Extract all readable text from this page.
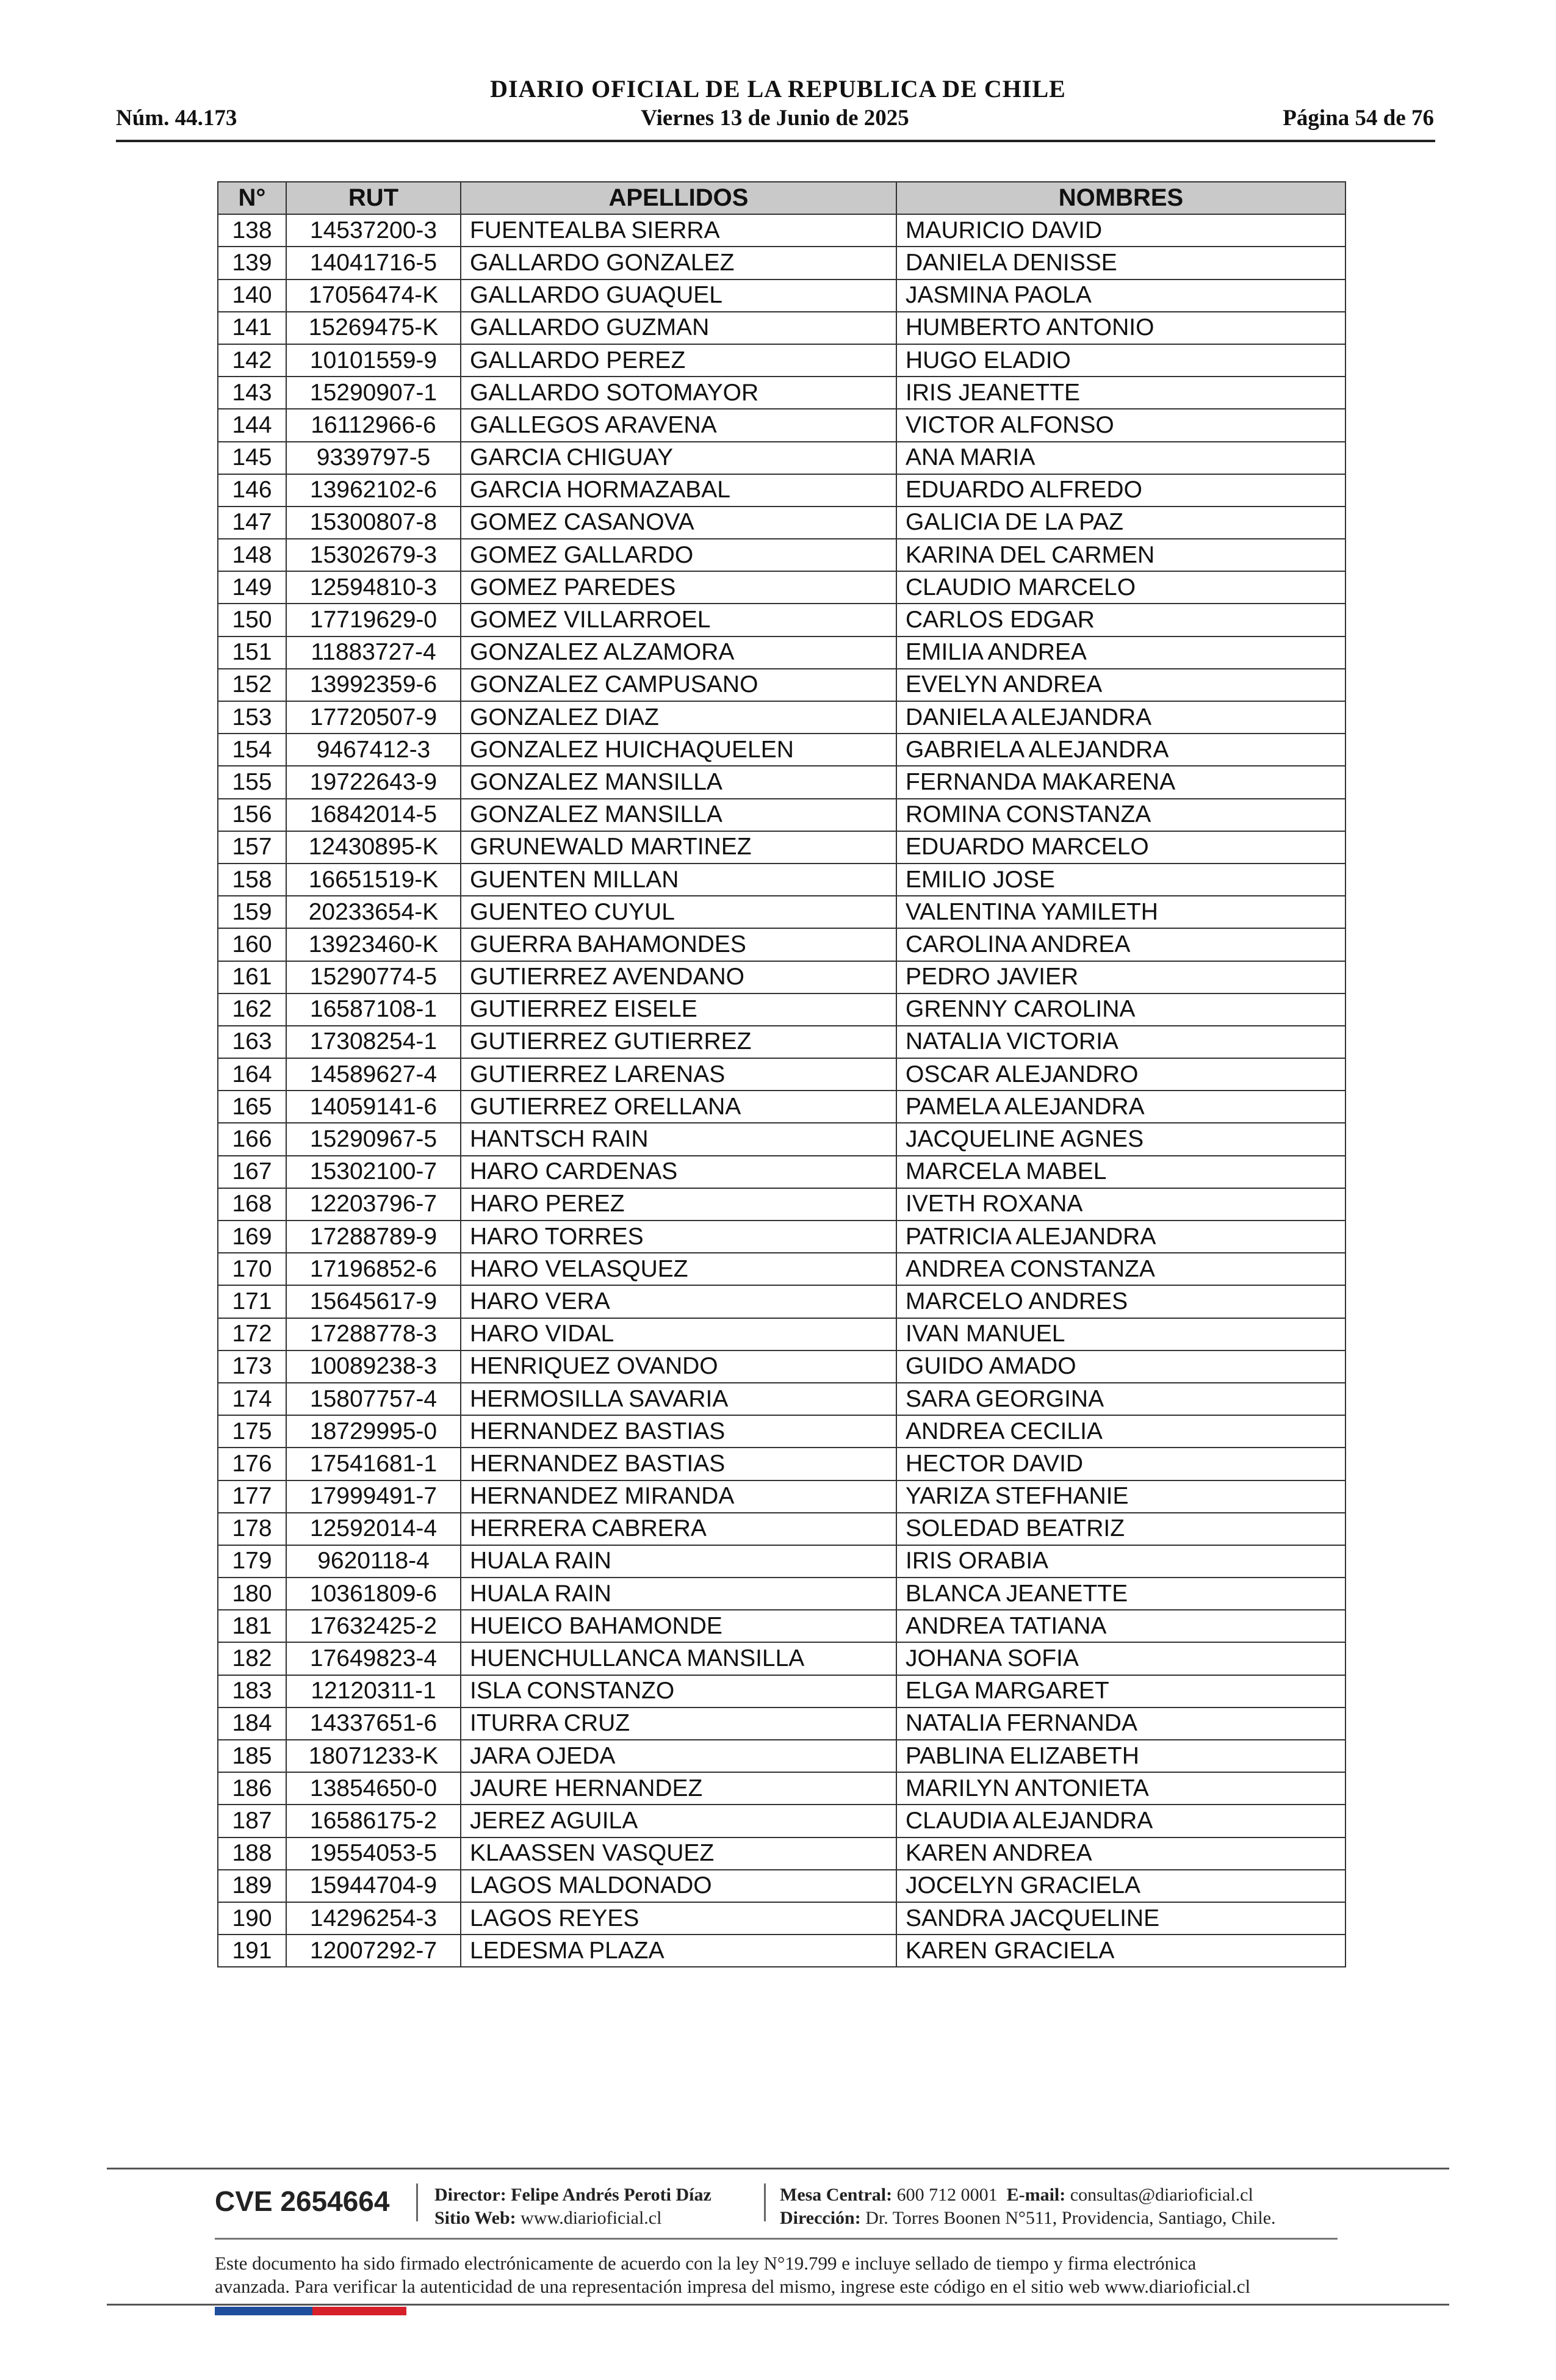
DIARIO OFICIAL DE LA REPUBLICA DE CHILE
Núm. 44.173	Viernes 13 de Junio de 2025	Página 54 de 76
N°	RUT	APELLIDOS	NOMBRES
138	14537200-3	FUENTEALBA SIERRA	MAURICIO DAVID
139	14041716-5	GALLARDO GONZALEZ	DANIELA DENISSE
140	17056474-K	GALLARDO GUAQUEL	JASMINA PAOLA
141	15269475-K	GALLARDO GUZMAN	HUMBERTO ANTONIO
142	10101559-9	GALLARDO PEREZ	HUGO ELADIO
143	15290907-1	GALLARDO SOTOMAYOR	IRIS JEANETTE
144	16112966-6	GALLEGOS ARAVENA	VICTOR ALFONSO
145	9339797-5	GARCIA CHIGUAY	ANA MARIA
146	13962102-6	GARCIA HORMAZABAL	EDUARDO ALFREDO
147	15300807-8	GOMEZ CASANOVA	GALICIA DE LA PAZ
148	15302679-3	GOMEZ GALLARDO	KARINA DEL CARMEN
149	12594810-3	GOMEZ PAREDES	CLAUDIO MARCELO
150	17719629-0	GOMEZ VILLARROEL	CARLOS EDGAR
151	11883727-4	GONZALEZ ALZAMORA	EMILIA ANDREA
152	13992359-6	GONZALEZ CAMPUSANO	EVELYN ANDREA
153	17720507-9	GONZALEZ DIAZ	DANIELA ALEJANDRA
154	9467412-3	GONZALEZ HUICHAQUELEN	GABRIELA ALEJANDRA
155	19722643-9	GONZALEZ MANSILLA	FERNANDA MAKARENA
156	16842014-5	GONZALEZ MANSILLA	ROMINA CONSTANZA
157	12430895-K	GRUNEWALD MARTINEZ	EDUARDO MARCELO
158	16651519-K	GUENTEN MILLAN	EMILIO JOSE
159	20233654-K	GUENTEO CUYUL	VALENTINA YAMILETH
160	13923460-K	GUERRA BAHAMONDES	CAROLINA ANDREA
161	15290774-5	GUTIERREZ AVENDANO	PEDRO JAVIER
162	16587108-1	GUTIERREZ EISELE	GRENNY CAROLINA
163	17308254-1	GUTIERREZ GUTIERREZ	NATALIA VICTORIA
164	14589627-4	GUTIERREZ LARENAS	OSCAR ALEJANDRO
165	14059141-6	GUTIERREZ ORELLANA	PAMELA ALEJANDRA
166	15290967-5	HANTSCH RAIN	JACQUELINE AGNES
167	15302100-7	HARO CARDENAS	MARCELA MABEL
168	12203796-7	HARO PEREZ	IVETH ROXANA
169	17288789-9	HARO TORRES	PATRICIA ALEJANDRA
170	17196852-6	HARO VELASQUEZ	ANDREA CONSTANZA
171	15645617-9	HARO VERA	MARCELO ANDRES
172	17288778-3	HARO VIDAL	IVAN MANUEL
173	10089238-3	HENRIQUEZ OVANDO	GUIDO AMADO
174	15807757-4	HERMOSILLA SAVARIA	SARA GEORGINA
175	18729995-0	HERNANDEZ BASTIAS	ANDREA CECILIA
176	17541681-1	HERNANDEZ BASTIAS	HECTOR DAVID
177	17999491-7	HERNANDEZ MIRANDA	YARIZA STEFHANIE
178	12592014-4	HERRERA CABRERA	SOLEDAD BEATRIZ
179	9620118-4	HUALA RAIN	IRIS ORABIA
180	10361809-6	HUALA RAIN	BLANCA JEANETTE
181	17632425-2	HUEICO BAHAMONDE	ANDREA TATIANA
182	17649823-4	HUENCHULLANCA MANSILLA	JOHANA SOFIA
183	12120311-1	ISLA CONSTANZO	ELGA MARGARET
184	14337651-6	ITURRA CRUZ	NATALIA FERNANDA
185	18071233-K	JARA OJEDA	PABLINA ELIZABETH
186	13854650-0	JAURE HERNANDEZ	MARILYN ANTONIETA
187	16586175-2	JEREZ AGUILA	CLAUDIA ALEJANDRA
188	19554053-5	KLAASSEN VASQUEZ	KAREN ANDREA
189	15944704-9	LAGOS MALDONADO	JOCELYN GRACIELA
190	14296254-3	LAGOS REYES	SANDRA JACQUELINE
191	12007292-7	LEDESMA PLAZA	KAREN GRACIELA
CVE 2654664 Director: Felipe Andrés Peroti Díaz
Sitio Web: www.diarioficial.cl
Mesa Central: 600 712 0001 E-mail: consultas@diarioficial.cl
Dirección: Dr. Torres Boonen N°511, Providencia, Santiago, Chile.
Este documento ha sido firmado electrónicamente de acuerdo con la ley N°19.799 e incluye sellado de tiempo y firma electrónica
avanzada. Para verificar la autenticidad de una representación impresa del mismo, ingrese este código en el sitio web www.diarioficial.cl
